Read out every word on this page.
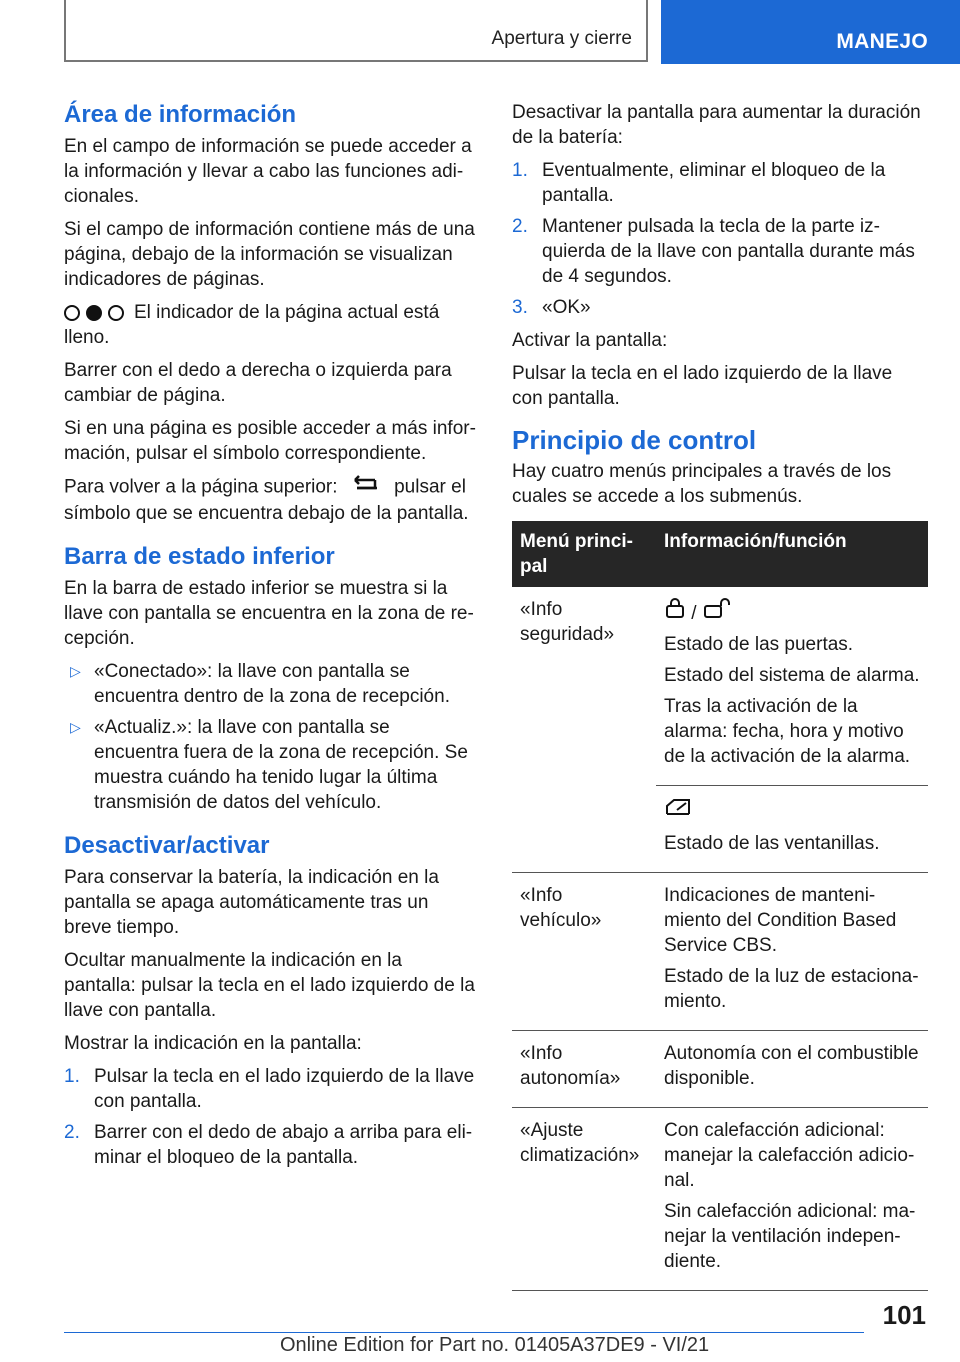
Apertura y cierre	MANEJO
Área de información

En el campo de información se puede acceder a la información y llevar a cabo las funciones adicionales.

Si el campo de información contiene más de una página, debajo de la información se visualizan indicadores de páginas.

El indicador de la página actual está lleno.

Barrer con el dedo a derecha o izquierda para cambiar de página.

Si en una página es posible acceder a más información, pulsar el símbolo correspondiente.

Para volver a la página superior:	pulsar el símbolo que se encuentra debajo de la pantalla.

Barra de estado inferior

En la barra de estado inferior se muestra si la llave con pantalla se encuentra en la zona de recepción.

▷ «Conectado»: la llave con pantalla se encuentra dentro de la zona de recepción.
▷ «Actualiz.»: la llave con pantalla se encuentra fuera de la zona de recepción. Se muestra cuándo ha tenido lugar la última transmisión de datos del vehículo.
Desactivar/activar

Para conservar la batería, la indicación en la pantalla se apaga automáticamente tras un breve tiempo.

Ocultar manualmente la indicación en la pantalla: pulsar la tecla en el lado izquierdo de la llave con pantalla.

Mostrar la indicación en la pantalla:

1. Pulsar la tecla en el lado izquierdo de la llave con pantalla.
2. Barrer con el dedo de abajo a arriba para eliminar el bloqueo de la pantalla.

Desactivar la pantalla para aumentar la duración de la batería:

1. Eventualmente, eliminar el bloqueo de la pantalla.
2. Mantener pulsada la tecla de la parte izquierda de la llave con pantalla durante más de 4 segundos.
3. «OK»

Activar la pantalla:

Pulsar la tecla en el lado izquierdo de la llave con pantalla.

Principio de control

Hay cuatro menús principales a través de los cuales se accede a los submenús.

Menú principal	Información/función
«Info seguridad»	/

Estado de las puertas.

Estado del sistema de alarma.

Tras la activación de la alarma: fecha, hora y motivo de la activación de la alarma.

	Estado de las ventanillas.

«Info vehículo»	Indicaciones de mantenimiento del Condition Based Service CBS.

Estado de la luz de estacionamiento.

«Info autonomía»	Autonomía con el combustible disponible.

«Ajuste climatización»	Con calefacción adicional: manejar la calefacción adicional.

Sin calefacción adicional: manejar la ventilación independiente.

101
Online Edition for Part no. 01405A37DE9 - VI/21
